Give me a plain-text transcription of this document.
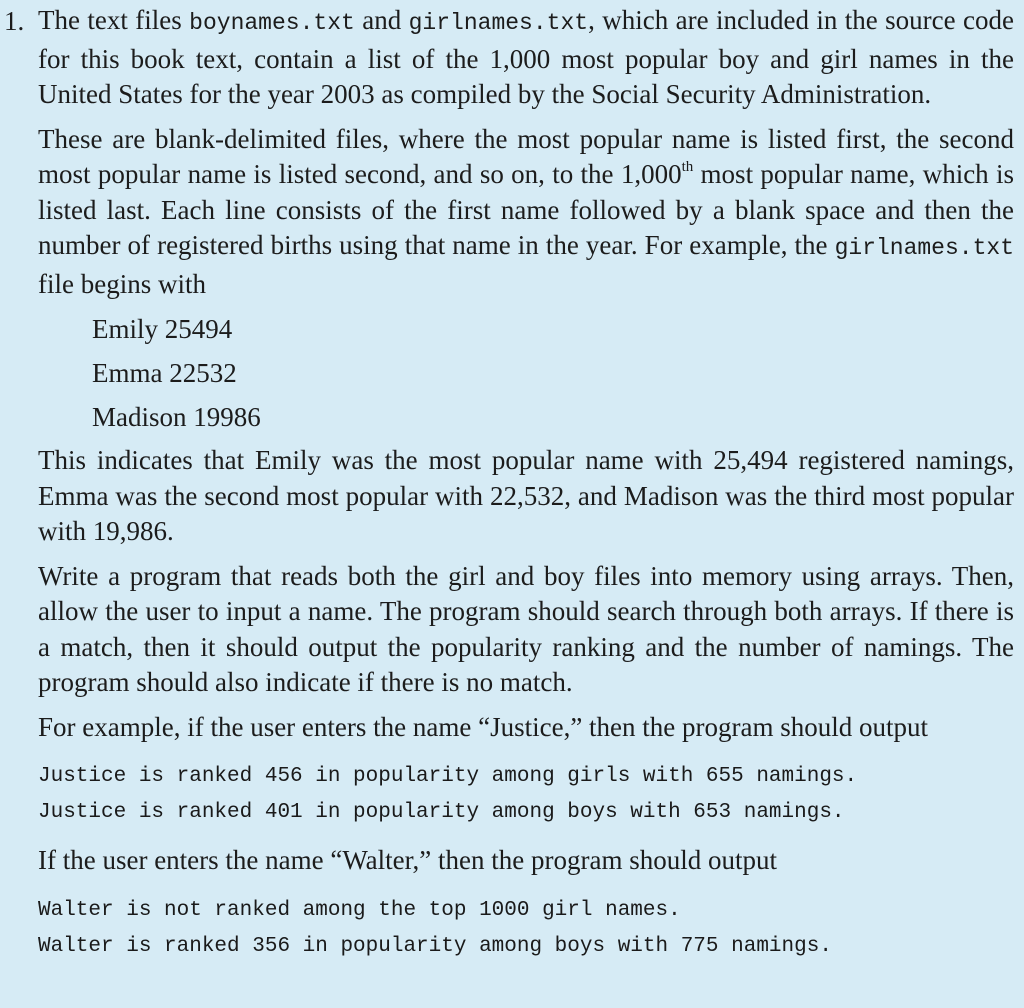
1. The text files boynames.txt and girlnames.txt, which are included in the source code for this book text, contain a list of the 1,000 most popular boy and girl names in the United States for the year 2003 as compiled by the Social Security Administration.

These are blank-delimited files, where the most popular name is listed first, the second most popular name is listed second, and so on, to the 1,000th most popular name, which is listed last. Each line consists of the first name followed by a blank space and then the number of registered births using that name in the year. For example, the girlnames.txt file begins with

Emily 25494
Emma 22532
Madison 19986

This indicates that Emily was the most popular name with 25,494 registered namings, Emma was the second most popular with 22,532, and Madison was the third most popular with 19,986.

Write a program that reads both the girl and boy files into memory using arrays. Then, allow the user to input a name. The program should search through both arrays. If there is a match, then it should output the popularity ranking and the number of namings. The program should also indicate if there is no match.

For example, if the user enters the name “Justice,” then the program should output

Justice is ranked 456 in popularity among girls with 655 namings.
Justice is ranked 401 in popularity among boys with 653 namings.

If the user enters the name “Walter,” then the program should output

Walter is not ranked among the top 1000 girl names.
Walter is ranked 356 in popularity among boys with 775 namings.
